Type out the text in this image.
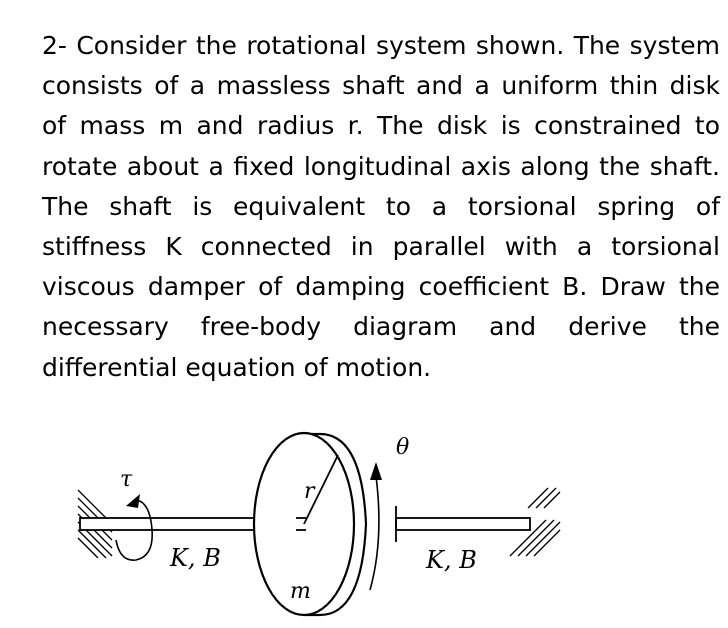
2- Consider the rotational system shown. The system consists of a massless shaft and a uniform thin disk of mass m and radius r. The disk is constrained to rotate about a fixed longitudinal axis along the shaft. The shaft is equivalent to a torsional spring of stiffness K connected in parallel with a torsional viscous damper of damping coefficient B. Draw the necessary free-body diagram and derive the differential equation of motion.

τ	r
θ
m
K, B	K, B
